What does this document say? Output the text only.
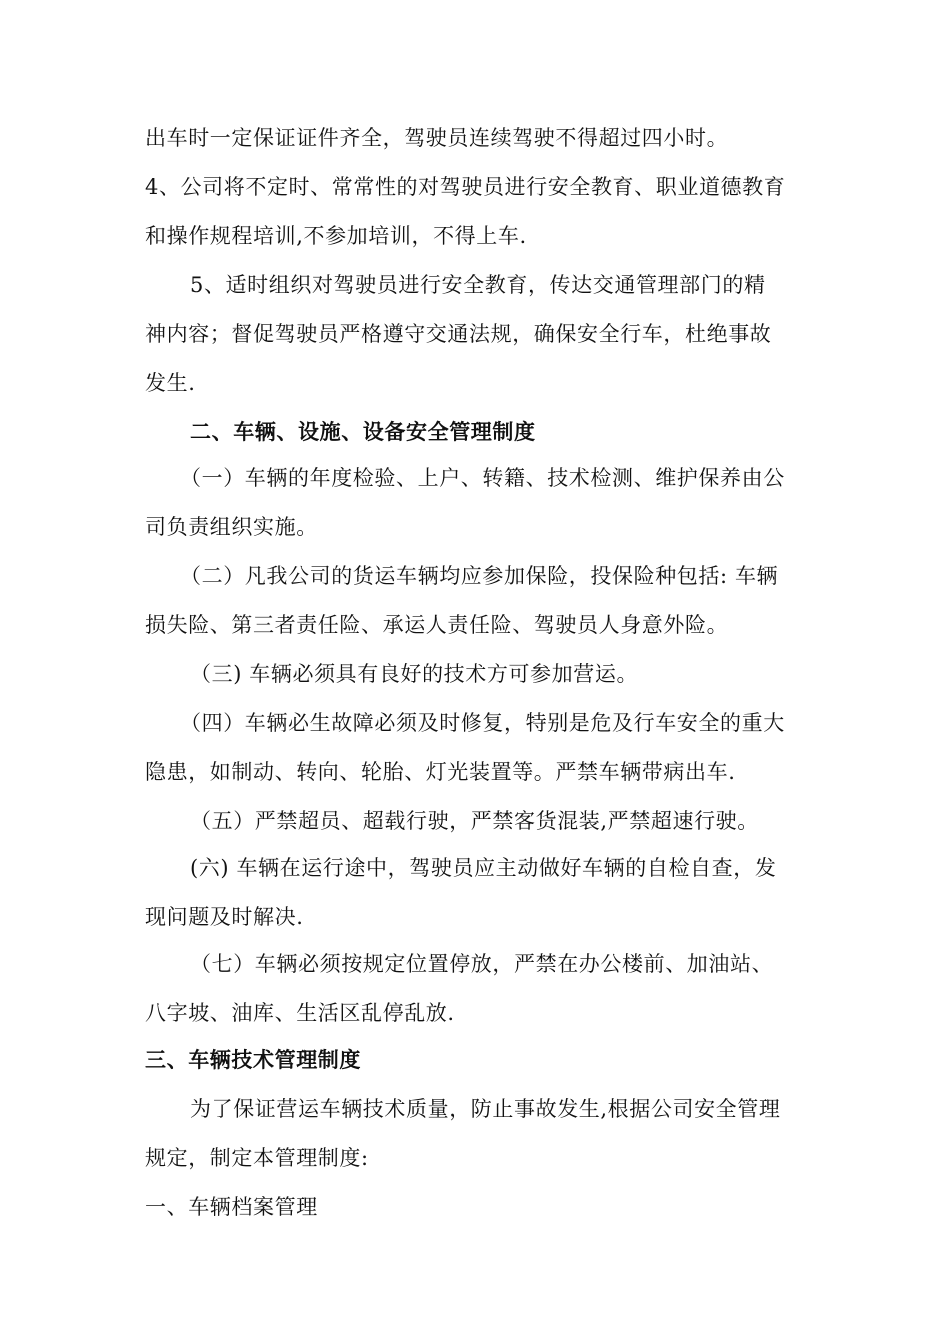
出车时一定保证证件齐全，驾驶员连续驾驶不得超过四小时。
4、公司将不定时、常常性的对驾驶员进行安全教育、职业道德教育
和操作规程培训,不参加培训，不得上车.
5、适时组织对驾驶员进行安全教育，传达交通管理部门的精
神内容；督促驾驶员严格遵守交通法规，确保安全行车，杜绝事故
发生.
二、车辆、设施、设备安全管理制度
（一）车辆的年度检验、上户、转籍、技术检测、维护保养由公
司负责组织实施。
（二）凡我公司的货运车辆均应参加保险，投保险种包括: 车辆
损失险、第三者责任险、承运人责任险、驾驶员人身意外险。
（三) 车辆必须具有良好的技术方可参加营运。
（四）车辆必生故障必须及时修复，特别是危及行车安全的重大
隐患，如制动、转向、轮胎、灯光装置等。严禁车辆带病出车.
（五）严禁超员、超载行驶，严禁客货混装,严禁超速行驶。
(六) 车辆在运行途中，驾驶员应主动做好车辆的自检自查，发
现问题及时解决.
（七）车辆必须按规定位置停放，严禁在办公楼前、加油站、
八字坡、油库、生活区乱停乱放.
三、车辆技术管理制度
为了保证营运车辆技术质量，防止事故发生,根据公司安全管理
规定，制定本管理制度:
一、车辆档案管理
